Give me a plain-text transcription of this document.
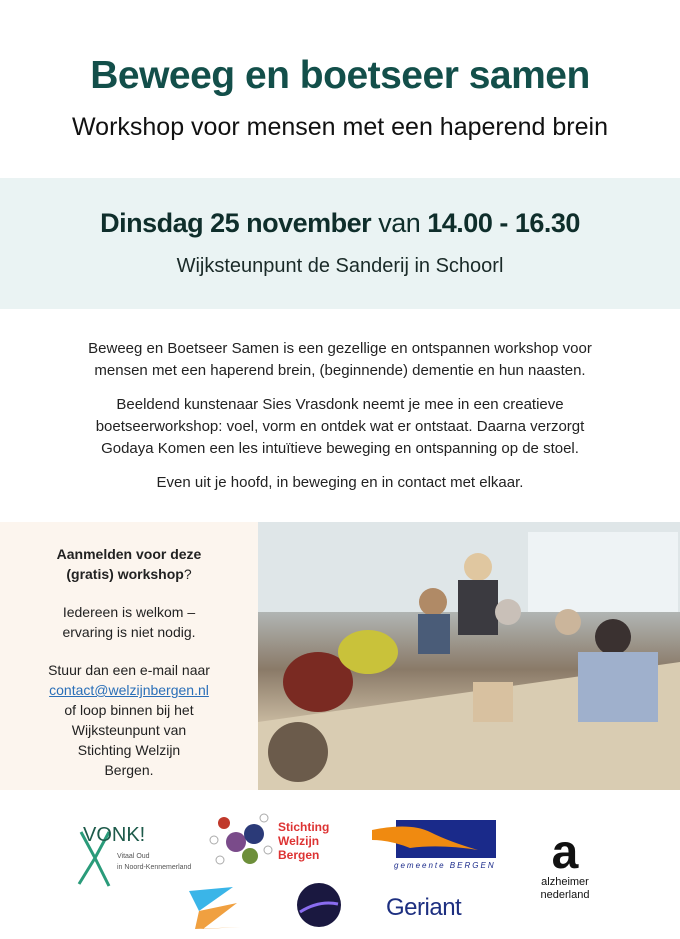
Beweeg en boetseer samen
Workshop voor mensen met een haperend brein
Dinsdag 25 november van 14.00 - 16.30
Wijksteunpunt de Sanderij in Schoorl

Beweeg en Boetseer Samen is een gezellige en ontspannen workshop voor mensen met een haperend brein, (beginnende) dementie en hun naasten.

Beeldend kunstenaar Sies Vrasdonk neemt je mee in een creatieve boetseerworkshop: voel, vorm en ontdek wat er ontstaat. Daarna verzorgt Godaya Komen een les intuïtieve beweging en ontspanning op de stoel.

Even uit je hoofd, in beweging en in contact met elkaar.

Aanmelden voor deze (gratis) workshop?

Iedereen is welkom – ervaring is niet nodig.

Stuur dan een e-mail naar
contact@welzijnbergen.nl
of loop binnen bij het Wijksteunpunt van Stichting Welzijn Bergen.

VONK!
Vitaal Oud
in Noord-Kennemerland
Stichting
Welzijn
Bergen
gemeente BERGEN	a
alzheimer
nederland
Geriant
